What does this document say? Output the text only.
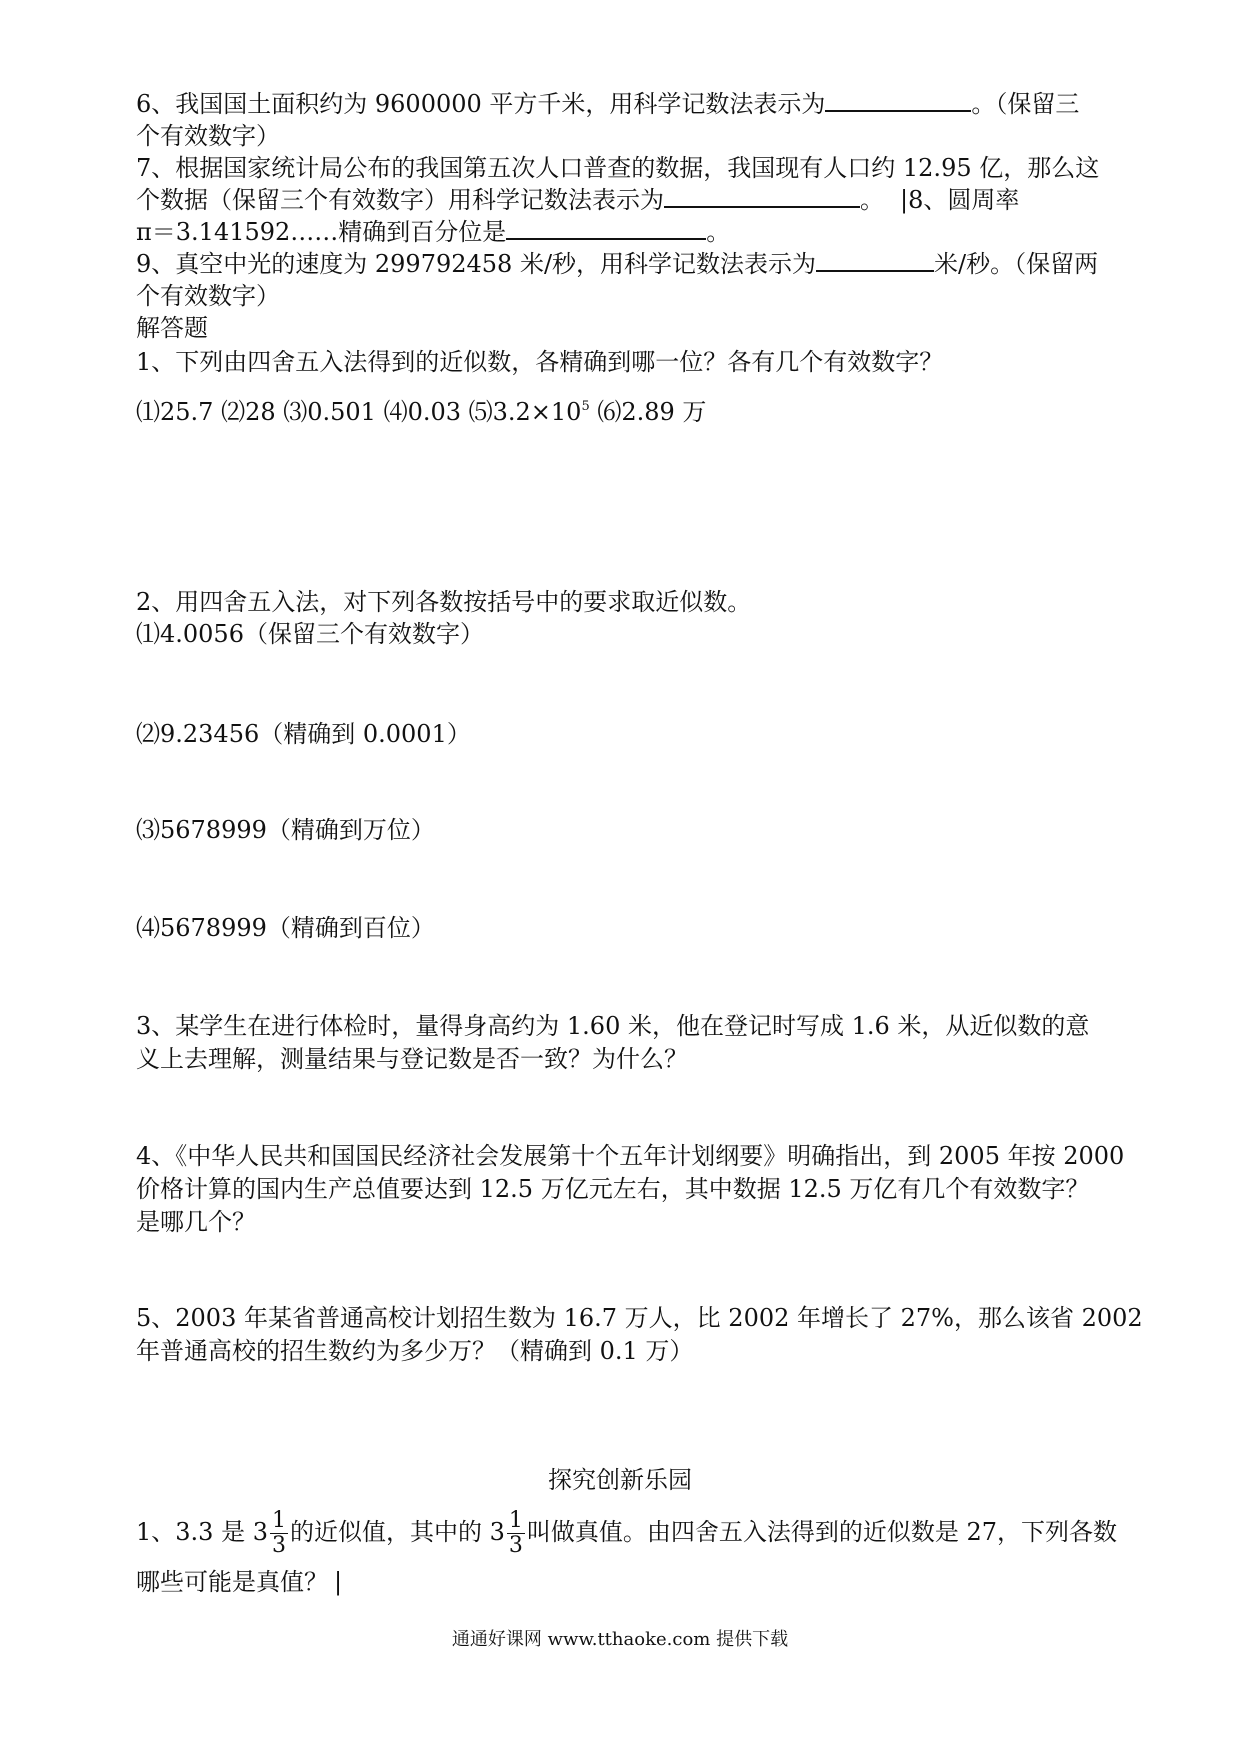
6、我国国土面积约为 9600000 平方千米，用科学记数法表示为	。（保留三
个有效数字）
7、根据国家统计局公布的我国第五次人口普查的数据，我国现有人口约 12.95 亿，那么这
个数据（保留三个有效数字）用科学记数法表示为	。 |8、圆周率
π＝3.141592……精确到百分位是	。
9、真空中光的速度为 299792458 米/秒，用科学记数法表示为	米/秒。（保留两
个有效数字）
解答题
1、下列由四舍五入法得到的近似数，各精确到哪一位？各有几个有效数字？
⑴25.7 ⑵28 ⑶0.501 ⑷0.03 $⑸3.2\times 10^5$ ⑹2.89 万
2、用四舍五入法，对下列各数按括号中的要求取近似数。
⑴4.0056（保留三个有效数字）
⑵9.23456（精确到 0.0001）
⑶5678999（精确到万位）
⑷5678999（精确到百位）
3、某学生在进行体检时，量得身高约为 1.60 米，他在登记时写成 1.6 米，从近似数的意
义上去理解，测量结果与登记数是否一致？为什么？
4、《中华人民共和国国民经济社会发展第十个五年计划纲要》明确指出，到 2005 年按 2000
价格计算的国内生产总值要达到 12.5 万亿元左右，其中数据 12.5 万亿有几个有效数字？
是哪几个？
5、2003 年某省普通高校计划招生数为 16.7 万人，比 2002 年增长了 27%，那么该省 2002
年普通高校的招生数约为多少万？（精确到 0.1 万）
探究创新乐园
1、3.3 是 $3 \frac{1}{3}$ 的近似值，其中的 $3 \frac{1}{3}$ 叫做真值。由四舍五入法得到的近似数是 27，下列各数
哪些可能是真值？ |
通通好课网 www.tthaoke.com 提供下载
